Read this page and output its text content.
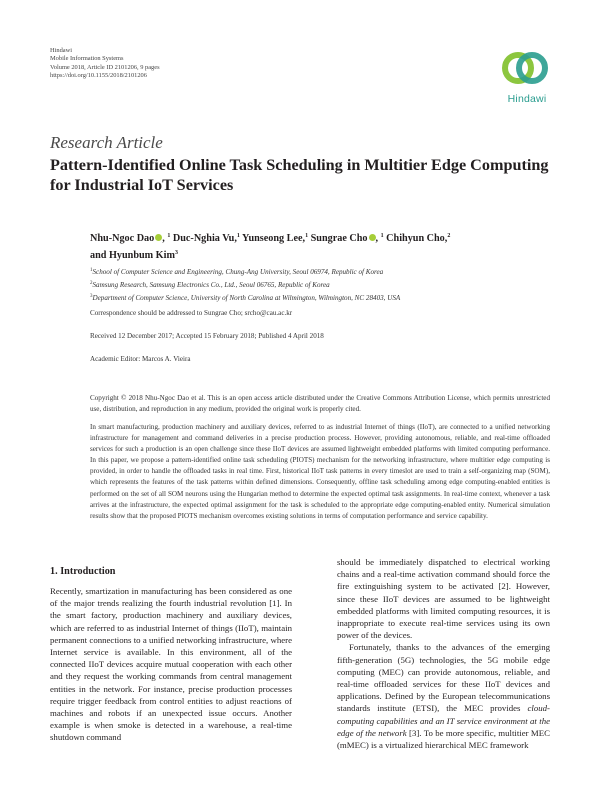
Hindawi
Mobile Information Systems
Volume 2018, Article ID 2101206, 9 pages
https://doi.org/10.1155/2018/2101206
Hindawi
Research Article
Pattern-Identified Online Task Scheduling in Multitier Edge Computing for Industrial IoT Services
Nhu-Ngoc Dao , $^1$ Duc-Nghia Vu,$^1$ Yunseong Lee,$^1$ Sungrae Cho , $^1$ Chihyun Cho,$^2$
and Hyunbum Kim$^3$
$^1$School of Computer Science and Engineering, Chung-Ang University, Seoul 06974, Republic of Korea
$^2$Samsung Research, Samsung Electronics Co., Ltd., Seoul 06765, Republic of Korea
$^3$Department of Computer Science, University of North Carolina at Wilmington, Wilmington, NC 28403, USA
Correspondence should be addressed to Sungrae Cho; srcho@cau.ac.kr
Received 12 December 2017; Accepted 15 February 2018; Published 4 April 2018
Academic Editor: Marcos A. Vieira
Copyright © 2018 Nhu-Ngoc Dao et al. This is an open access article distributed under the Creative Commons Attribution License, which permits unrestricted use, distribution, and reproduction in any medium, provided the original work is properly cited.
In smart manufacturing, production machinery and auxiliary devices, referred to as industrial Internet of things (IIoT), are connected to a unified networking infrastructure for management and command deliveries in a precise production process. However, providing autonomous, reliable, and real-time offloaded services for such a production is an open challenge since these IIoT devices are assumed lightweight embedded platforms with limited computing performance. In this paper, we propose a pattern-identified online task scheduling (PIOTS) mechanism for the networking infrastructure, where multitier edge computing is provided, in order to handle the offloaded tasks in real time. First, historical IIoT task patterns in every timeslot are used to train a self-organizing map (SOM), which represents the features of the task patterns within defined dimensions. Consequently, offline task scheduling among edge computing-enabled entities is performed on the set of all SOM neurons using the Hungarian method to determine the expected optimal task assignments. In real-time context, whenever a task arrives at the infrastructure, the expected optimal assignment for the task is scheduled to the appropriate edge computing-enabled entity. Numerical simulation results show that the proposed PIOTS mechanism overcomes existing solutions in terms of computation performance and service capability.
1. Introduction

Recently, smartization in manufacturing has been considered as one of the major trends realizing the fourth industrial revolution [1]. In the smart factory, production machinery and auxiliary devices, which are referred to as industrial Internet of things (IIoT), maintain permanent connections to a unified networking infrastructure, where Internet service is available. In this environment, all of the connected IIoT devices acquire mutual cooperation with each other and they request the working commands from central management entities in the network. For instance, precise production processes require trigger feedback from control entities to adjust reactions of machines and robots if an unexpected issue occurs. Another example is when smoke is detected in a warehouse, a real-time shutdown command

should be immediately dispatched to electrical working chains and a real-time activation command should force the fire extinguishing system to be activated [2]. However, since these IIoT devices are assumed to be lightweight embedded platforms with limited computing resources, it is inappropriate to execute real-time services using its own power of the devices.

Fortunately, thanks to the advances of the emerging fifth-generation (5G) technologies, the 5G mobile edge computing (MEC) can provide autonomous, reliable, and real-time offloaded services for these IIoT devices and applications. Defined by the European telecommunications standards institute (ETSI), the MEC provides cloud-computing capabilities and an IT service environment at the edge of the network [3]. To be more specific, multitier MEC (mMEC) is a virtualized hierarchical MEC framework
